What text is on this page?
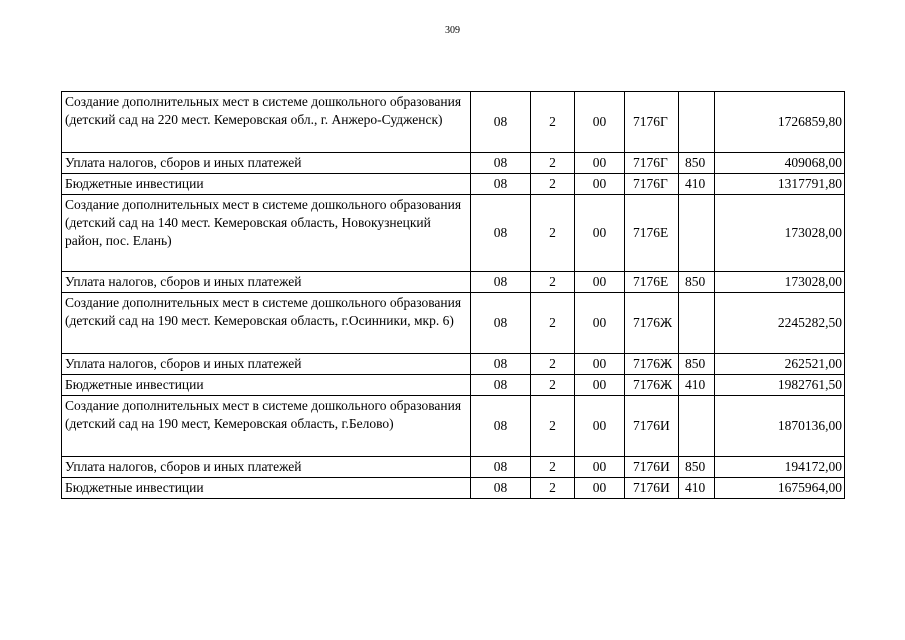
309
Создание дополнительных мест в системе дошкольного образования (детский сад на 220 мест. Кемеровская обл., г. Анжеро-Судженск)	08	2	00	7176Г		1726859,80
Уплата налогов, сборов и иных платежей	08	2	00	7176Г	850	409068,00
Бюджетные инвестиции	08	2	00	7176Г	410	1317791,80
Создание дополнительных мест в системе дошкольного образования (детский сад на 140 мест. Кемеровская область, Новокузнецкий район, пос. Елань)	08	2	00	7176Е		173028,00
Уплата налогов, сборов и иных платежей	08	2	00	7176Е	850	173028,00
Создание дополнительных мест в системе дошкольного образования (детский сад на 190 мест. Кемеровская область, г.Осинники, мкр. 6)	08	2	00	7176Ж		2245282,50
Уплата налогов, сборов и иных платежей	08	2	00	7176Ж	850	262521,00
Бюджетные инвестиции	08	2	00	7176Ж	410	1982761,50
Создание дополнительных мест в системе дошкольного образования (детский сад на 190 мест, Кемеровская область, г.Белово)	08	2	00	7176И		1870136,00
Уплата налогов, сборов и иных платежей	08	2	00	7176И	850	194172,00
Бюджетные инвестиции	08	2	00	7176И	410	1675964,00
